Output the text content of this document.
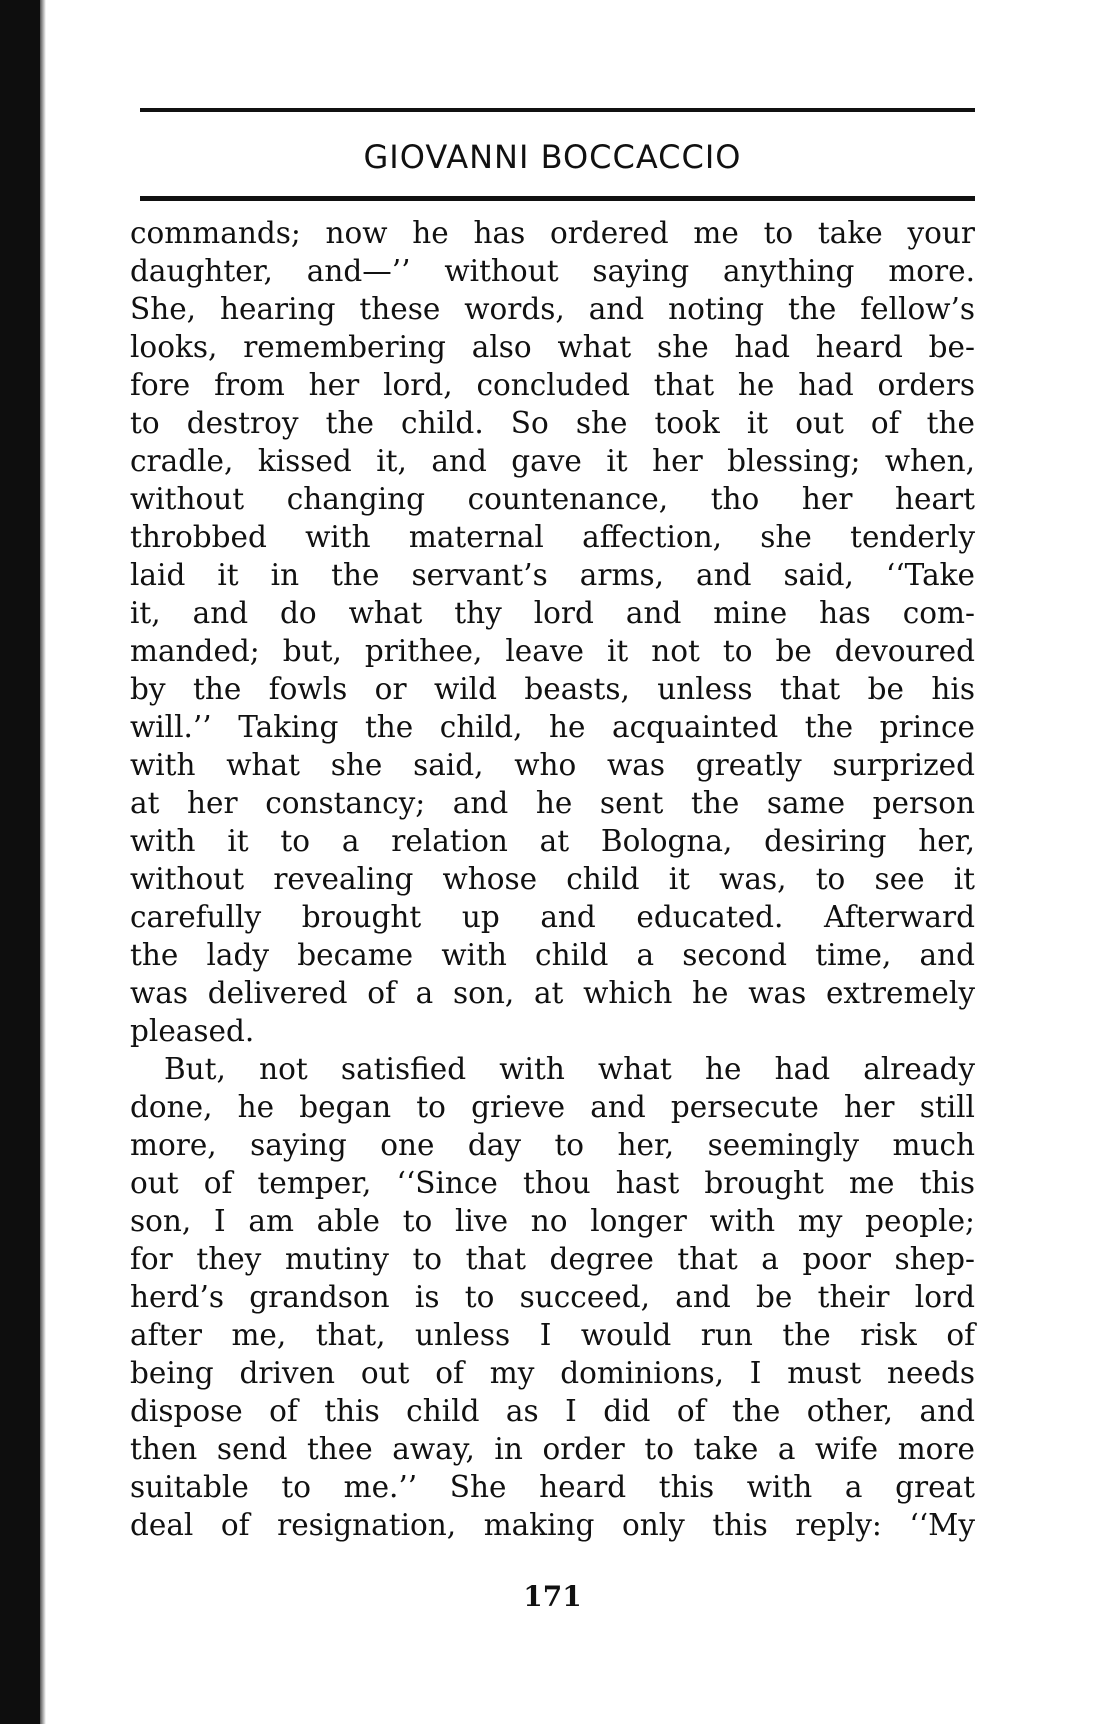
GIOVANNI BOCCACCIO
commands; now he has ordered me to take your
daughter, and—’’ without saying anything more.
She, hearing these words, and noting the fellow’s
looks, remembering also what she had heard be-
fore from her lord, concluded that he had orders
to destroy the child. So she took it out of the
cradle, kissed it, and gave it her blessing; when,
without changing countenance, tho her heart
throbbed with maternal affection, she tenderly
laid it in the servant’s arms, and said, ‘‘Take
it, and do what thy lord and mine has com-
manded; but, prithee, leave it not to be devoured
by the fowls or wild beasts, unless that be his
will.’’ Taking the child, he acquainted the prince
with what she said, who was greatly surprized
at her constancy; and he sent the same person
with it to a relation at Bologna, desiring her,
without revealing whose child it was, to see it
carefully brought up and educated. Afterward
the lady became with child a second time, and
was delivered of a son, at which he was extremely
pleased.
But, not satisfied with what he had already
done, he began to grieve and persecute her still
more, saying one day to her, seemingly much
out of temper, ‘‘Since thou hast brought me this
son, I am able to live no longer with my people;
for they mutiny to that degree that a poor shep-
herd’s grandson is to succeed, and be their lord
after me, that, unless I would run the risk of
being driven out of my dominions, I must needs
dispose of this child as I did of the other, and
then send thee away, in order to take a wife more
suitable to me.’’ She heard this with a great
deal of resignation, making only this reply: ‘‘My
171
